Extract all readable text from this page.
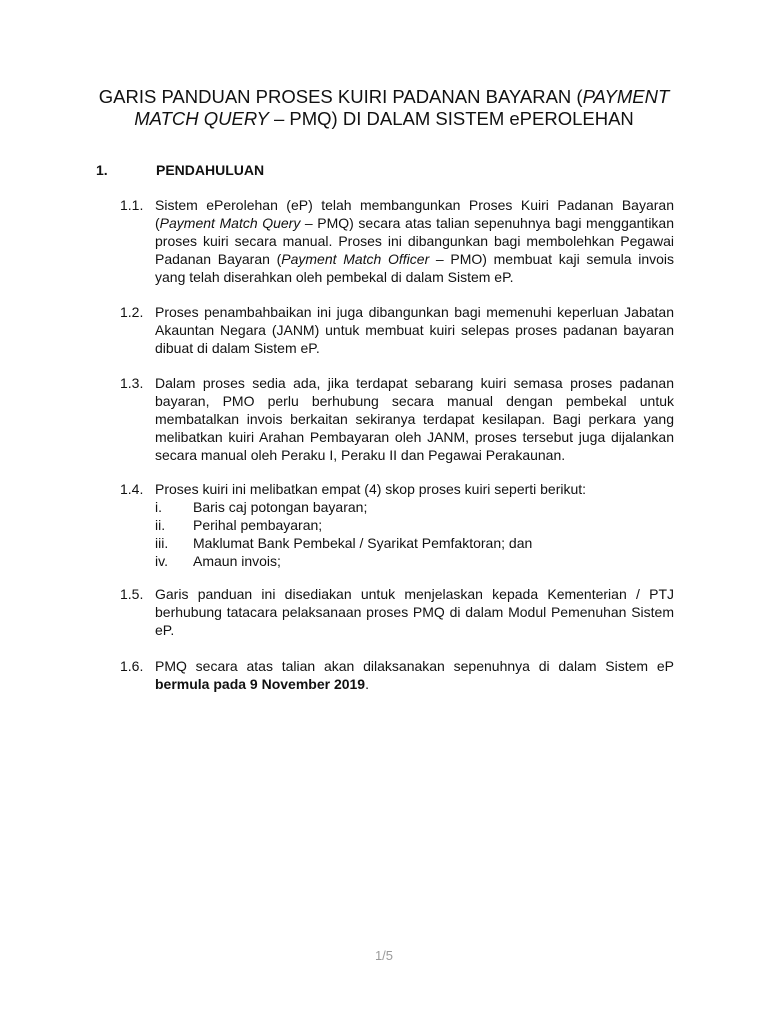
GARIS PANDUAN PROSES KUIRI PADANAN BAYARAN (PAYMENT
MATCH QUERY – PMQ) DI DALAM SISTEM ePEROLEHAN
1.	PENDAHULUAN
1.1. Sistem ePerolehan (eP) telah membangunkan Proses Kuiri Padanan Bayaran (Payment Match Query – PMQ) secara atas talian sepenuhnya bagi menggantikan proses kuiri secara manual. Proses ini dibangunkan bagi membolehkan Pegawai Padanan Bayaran (Payment Match Officer – PMO) membuat kaji semula invois yang telah diserahkan oleh pembekal di dalam Sistem eP.
1.2. Proses penambahbaikan ini juga dibangunkan bagi memenuhi keperluan Jabatan Akauntan Negara (JANM) untuk membuat kuiri selepas proses padanan bayaran dibuat di dalam Sistem eP.
1.3. Dalam proses sedia ada, jika terdapat sebarang kuiri semasa proses padanan bayaran, PMO perlu berhubung secara manual dengan pembekal untuk membatalkan invois berkaitan sekiranya terdapat kesilapan. Bagi perkara yang melibatkan kuiri Arahan Pembayaran oleh JANM, proses tersebut juga dijalankan secara manual oleh Peraku I, Peraku II dan Pegawai Perakaunan.
1.4. Proses kuiri ini melibatkan empat (4) skop proses kuiri seperti berikut:
i. Baris caj potongan bayaran;
ii. Perihal pembayaran;
iii. Maklumat Bank Pembekal / Syarikat Pemfaktoran; dan
iv. Amaun invois;
1.5. Garis panduan ini disediakan untuk menjelaskan kepada Kementerian / PTJ berhubung tatacara pelaksanaan proses PMQ di dalam Modul Pemenuhan Sistem eP.
1.6. PMQ secara atas talian akan dilaksanakan sepenuhnya di dalam Sistem eP bermula pada 9 November 2019.
1/5
